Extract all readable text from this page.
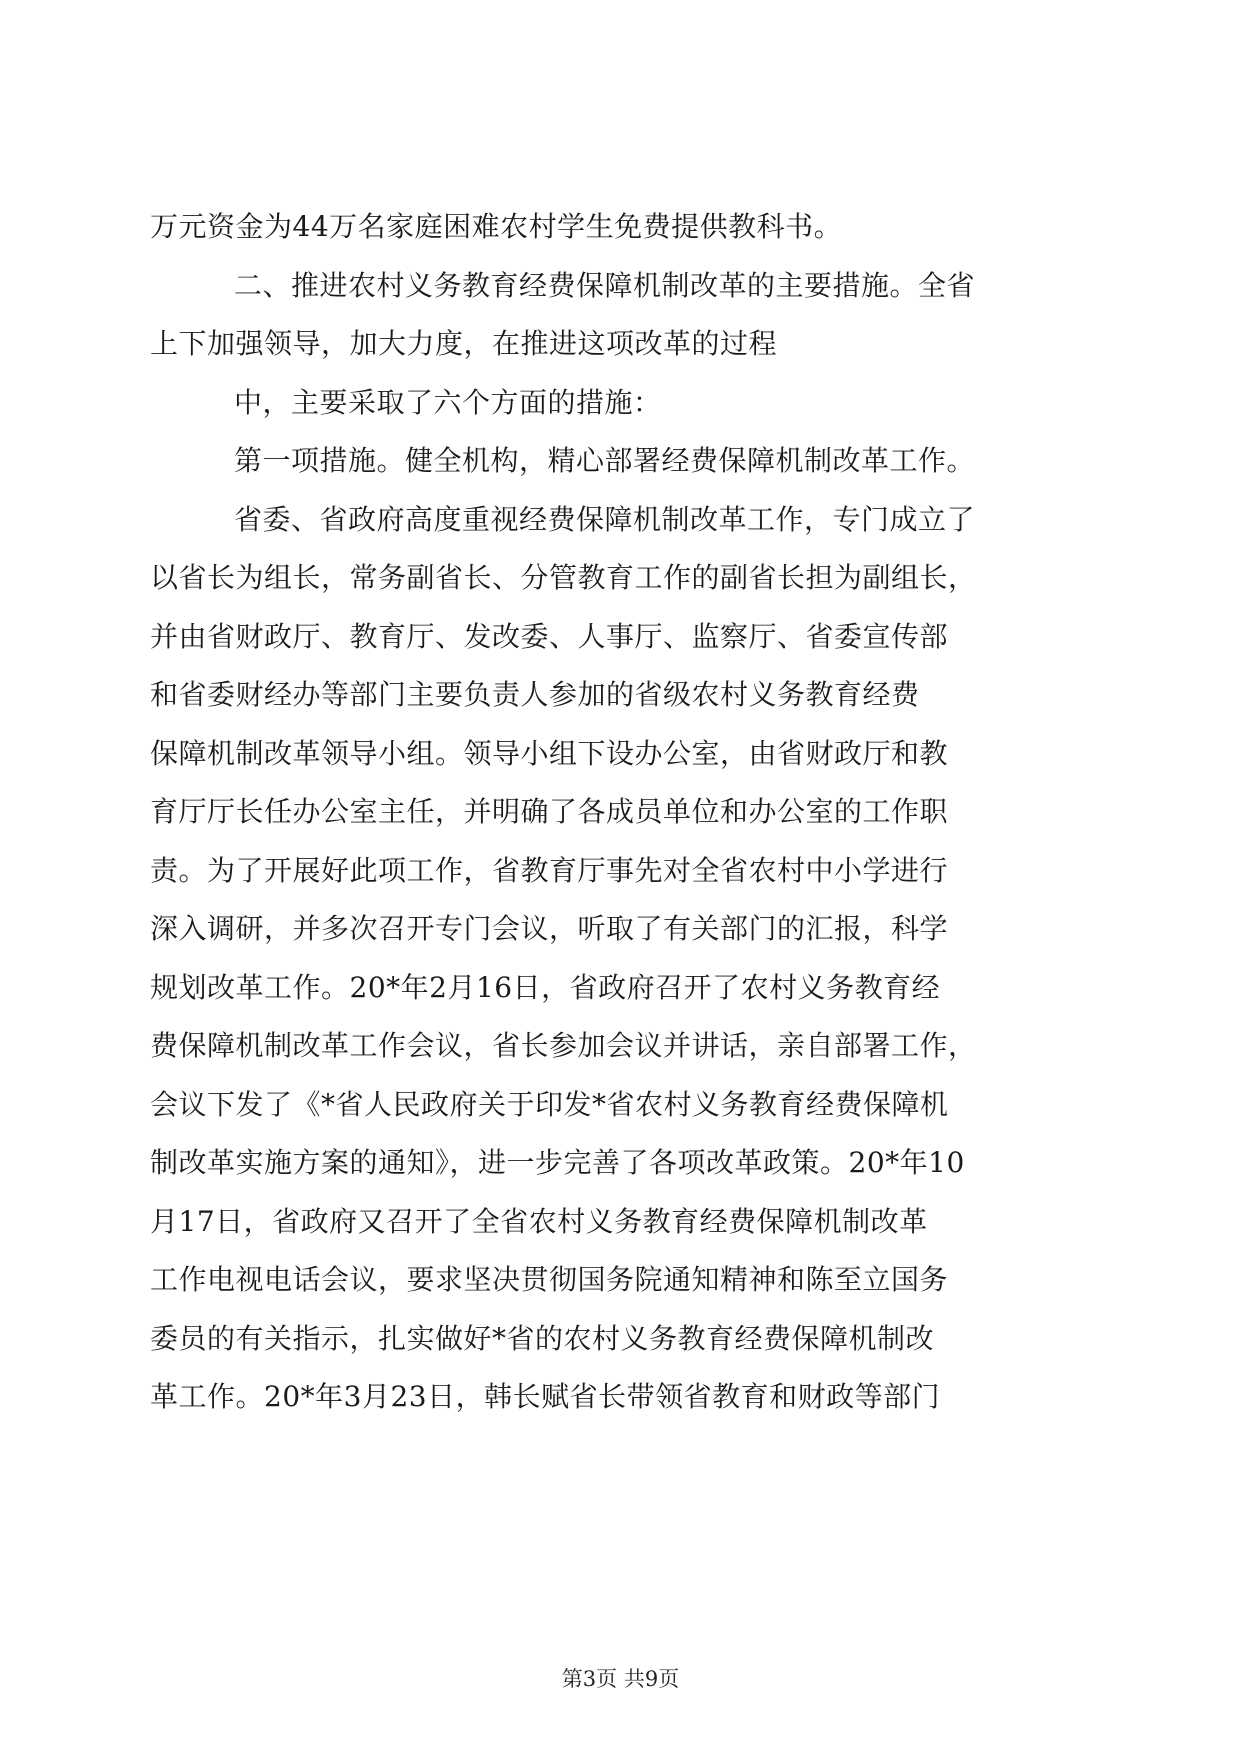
万元资金为44万名家庭困难农村学生免费提供教科书。
二、推进农村义务教育经费保障机制改革的主要措施。全省
上下加强领导，加大力度，在推进这项改革的过程
中，主要采取了六个方面的措施：
第一项措施。健全机构，精心部署经费保障机制改革工作。
省委、省政府高度重视经费保障机制改革工作，专门成立了
以省长为组长，常务副省长、分管教育工作的副省长担为副组长，
并由省财政厅、教育厅、发改委、人事厅、监察厅、省委宣传部
和省委财经办等部门主要负责人参加的省级农村义务教育经费
保障机制改革领导小组。领导小组下设办公室，由省财政厅和教
育厅厅长任办公室主任，并明确了各成员单位和办公室的工作职
责。为了开展好此项工作，省教育厅事先对全省农村中小学进行
深入调研，并多次召开专门会议，听取了有关部门的汇报，科学
规划改革工作。20*年2月16日，省政府召开了农村义务教育经
费保障机制改革工作会议，省长参加会议并讲话，亲自部署工作，
会议下发了《*省人民政府关于印发*省农村义务教育经费保障机
制改革实施方案的通知》，进一步完善了各项改革政策。20*年10
月17日，省政府又召开了全省农村义务教育经费保障机制改革
工作电视电话会议，要求坚决贯彻国务院通知精神和陈至立国务
委员的有关指示，扎实做好*省的农村义务教育经费保障机制改
革工作。20*年3月23日，韩长赋省长带领省教育和财政等部门
第3页 共9页
